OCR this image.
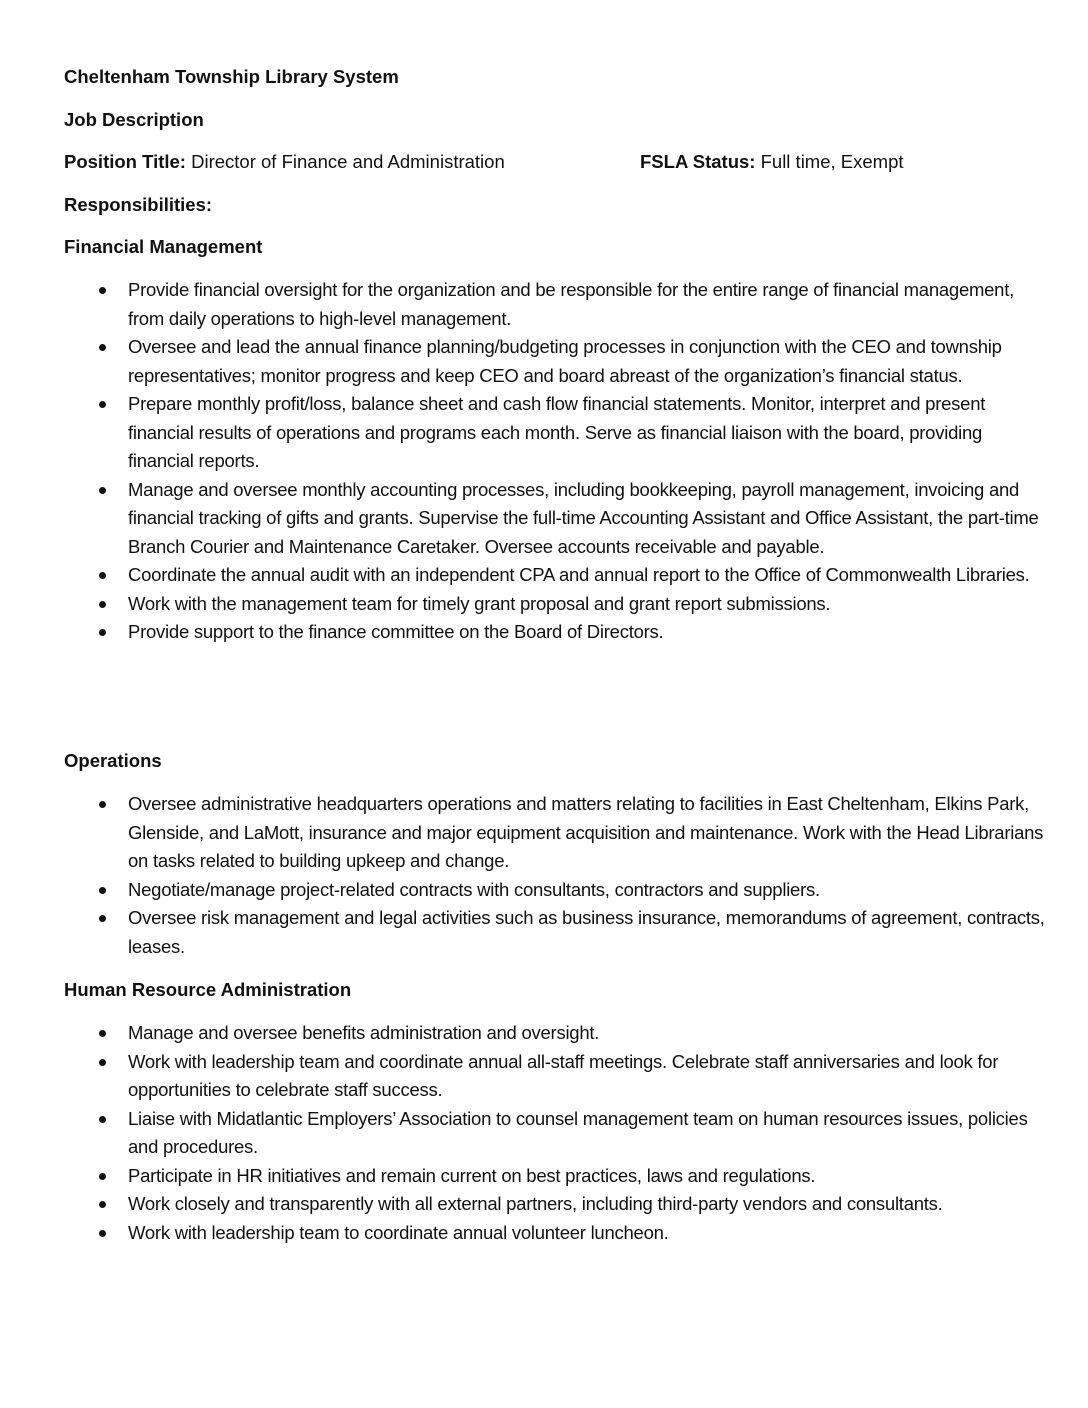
Cheltenham Township Library System
Job Description
Position Title: Director of Finance and Administration	FSLA Status: Full time, Exempt
Responsibilities:
Financial Management
Provide financial oversight for the organization and be responsible for the entire range of financial management, from daily operations to high-level management.
Oversee and lead the annual finance planning/budgeting processes in conjunction with the CEO and township representatives; monitor progress and keep CEO and board abreast of the organization’s financial status.
Prepare monthly profit/loss, balance sheet and cash flow financial statements. Monitor, interpret and present financial results of operations and programs each month. Serve as financial liaison with the board, providing financial reports.
Manage and oversee monthly accounting processes, including bookkeeping, payroll management, invoicing and financial tracking of gifts and grants. Supervise the full-time Accounting Assistant and Office Assistant, the part-time Branch Courier and Maintenance Caretaker. Oversee accounts receivable and payable.
Coordinate the annual audit with an independent CPA and annual report to the Office of Commonwealth Libraries.
Work with the management team for timely grant proposal and grant report submissions.
Provide support to the finance committee on the Board of Directors.
Operations
Oversee administrative headquarters operations and matters relating to facilities in East Cheltenham, Elkins Park, Glenside, and LaMott, insurance and major equipment acquisition and maintenance. Work with the Head Librarians on tasks related to building upkeep and change.
Negotiate/manage project-related contracts with consultants, contractors and suppliers.
Oversee risk management and legal activities such as business insurance, memorandums of agreement, contracts, leases.
Human Resource Administration
Manage and oversee benefits administration and oversight.
Work with leadership team and coordinate annual all-staff meetings. Celebrate staff anniversaries and look for opportunities to celebrate staff success.
Liaise with Midatlantic Employers’ Association to counsel management team on human resources issues, policies and procedures.
Participate in HR initiatives and remain current on best practices, laws and regulations.
Work closely and transparently with all external partners, including third-party vendors and consultants.
Work with leadership team to coordinate annual volunteer luncheon.
